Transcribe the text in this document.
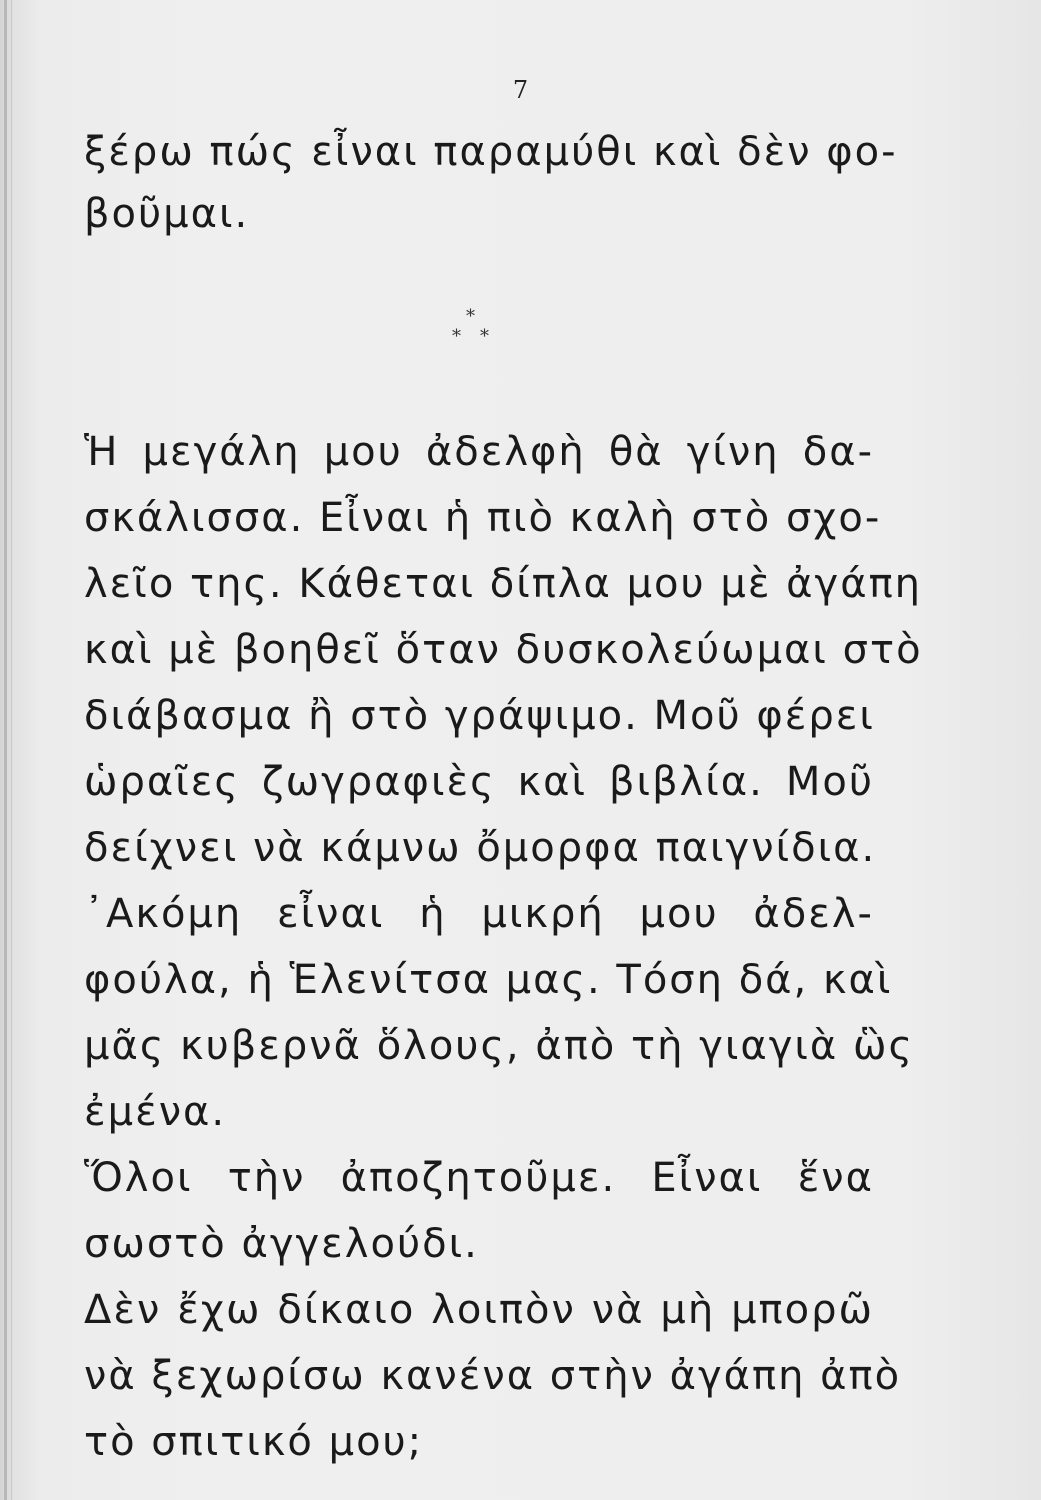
7
ξέρω πώς εἶναι παραμύθι καὶ δὲν φο-
βοῦμαι.
Ἡ μεγάλη μου ἀδελφὴ θὰ γίνη δα-
σκάλισσα. Εἶναι ἡ πιὸ καλὴ στὸ σχο-
λεῖο της. Κάθεται δίπλα μου μὲ ἀγάπη
καὶ μὲ βοηθεῖ ὅταν δυσκολεύωμαι στὸ
διάβασμα ἢ στὸ γράψιμο. Μοῦ φέρει
ὡραῖες ζωγραφιὲς καὶ βιβλία. Μοῦ
δείχνει νὰ κάμνω ὄμορφα παιγνίδια.
᾿Ακόμη εἶναι ἡ μικρή μου ἀδελ-
φούλα, ἡ Ἑλενίτσα μας. Τόση δά, καὶ
μᾶς κυβερνᾶ ὅλους, ἀπὸ τὴ γιαγιὰ ὣς
ἐμένα.
Ὅλοι τὴν ἀποζητοῦμε. Εἶναι ἕνα
σωστὸ ἀγγελούδι.
Δὲν ἔχω δίκαιο λοιπὸν νὰ μὴ μπορῶ
νὰ ξεχωρίσω κανένα στὴν ἀγάπη ἀπὸ
τὸ σπιτικό μου;
*
* *
